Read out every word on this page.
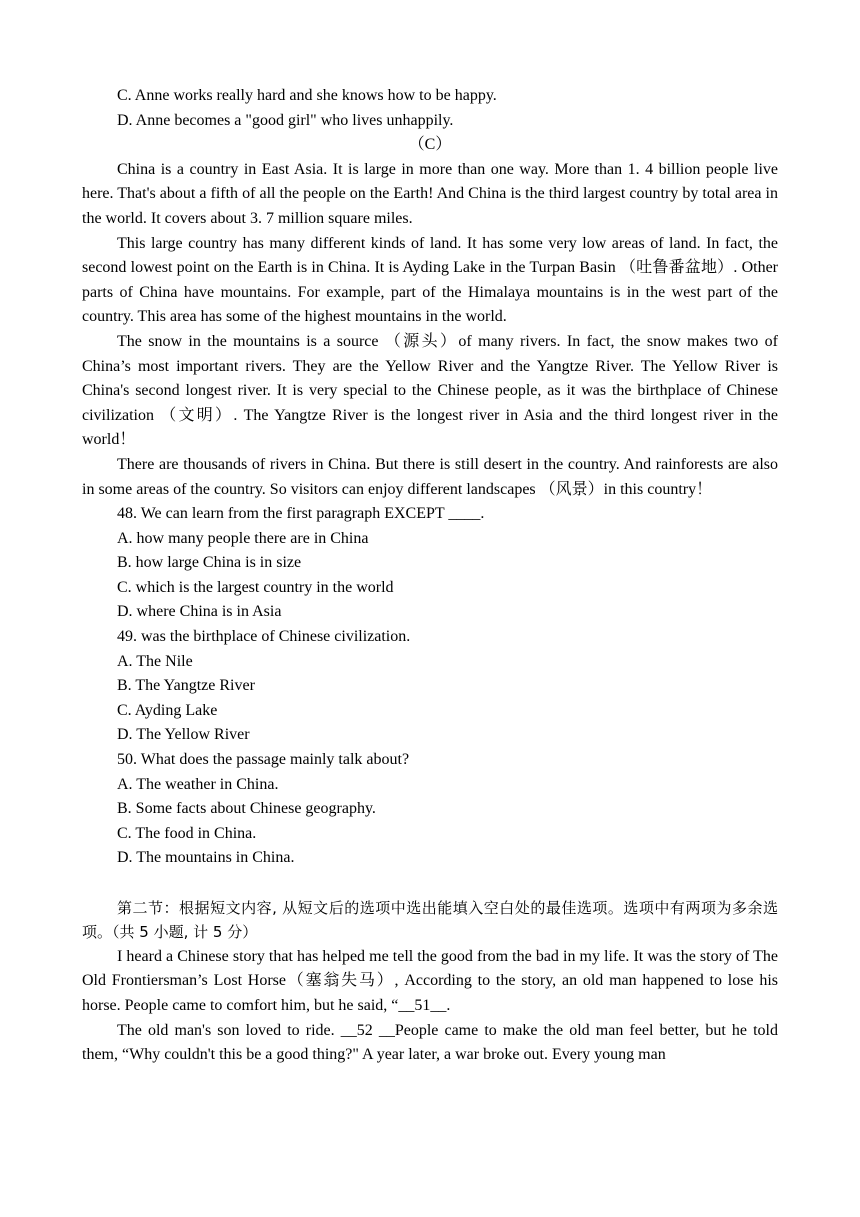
C. Anne works really hard and she knows how to be happy.

D. Anne becomes a "good girl" who lives unhappily.

（C）

China is a country in East Asia. It is large in more than one way. More than 1. 4 billion people live here. That's about a fifth of all the people on the Earth! And China is the third largest country by total area in the world. It covers about 3. 7 million square miles.

This large country has many different kinds of land. It has some very low areas of land. In fact, the second lowest point on the Earth is in China. It is Ayding Lake in the Turpan Basin （吐鲁番盆地）. Other parts of China have mountains. For example, part of the Himalaya mountains is in the west part of the country. This area has some of the highest mountains in the world.

The snow in the mountains is a source （源头）of many rivers. In fact, the snow makes two of China’s most important rivers. They are the Yellow River and the Yangtze River. The Yellow River is China's second longest river. It is very special to the Chinese people, as it was the birthplace of Chinese civilization （文明）. The Yangtze River is the longest river in Asia and the third longest river in the world！

There are thousands of rivers in China. But there is still desert in the country. And rainforests are also in some areas of the country. So visitors can enjoy different landscapes （风景）in this country！

48. We can learn from the first paragraph EXCEPT ____.

A. how many people there are in China

B. how large China is in size

C. which is the largest country in the world

D. where China is in Asia

49. was the birthplace of Chinese civilization.

A. The Nile

B. The Yangtze River

C. Ayding Lake

D. The Yellow River

50. What does the passage mainly talk about?

A. The weather in China.

B. Some facts about Chinese geography.

C. The food in China.

D. The mountains in China.

第二节：根据短文内容, 从短文后的选项中选出能填入空白处的最佳选项。选项中有两项为多余选项。（共 5 小题, 计 5 分）

I heard a Chinese story that has helped me tell the good from the bad in my life. It was the story of The Old Frontiersman’s Lost Horse（塞翁失马）, According to the story, an old man happened to lose his horse. People came to comfort him, but he said, “__51__.

The old man's son loved to ride. __52 __People came to make the old man feel better, but he told them, “Why couldn't this be a good thing?" A year later, a war broke out. Every young man
